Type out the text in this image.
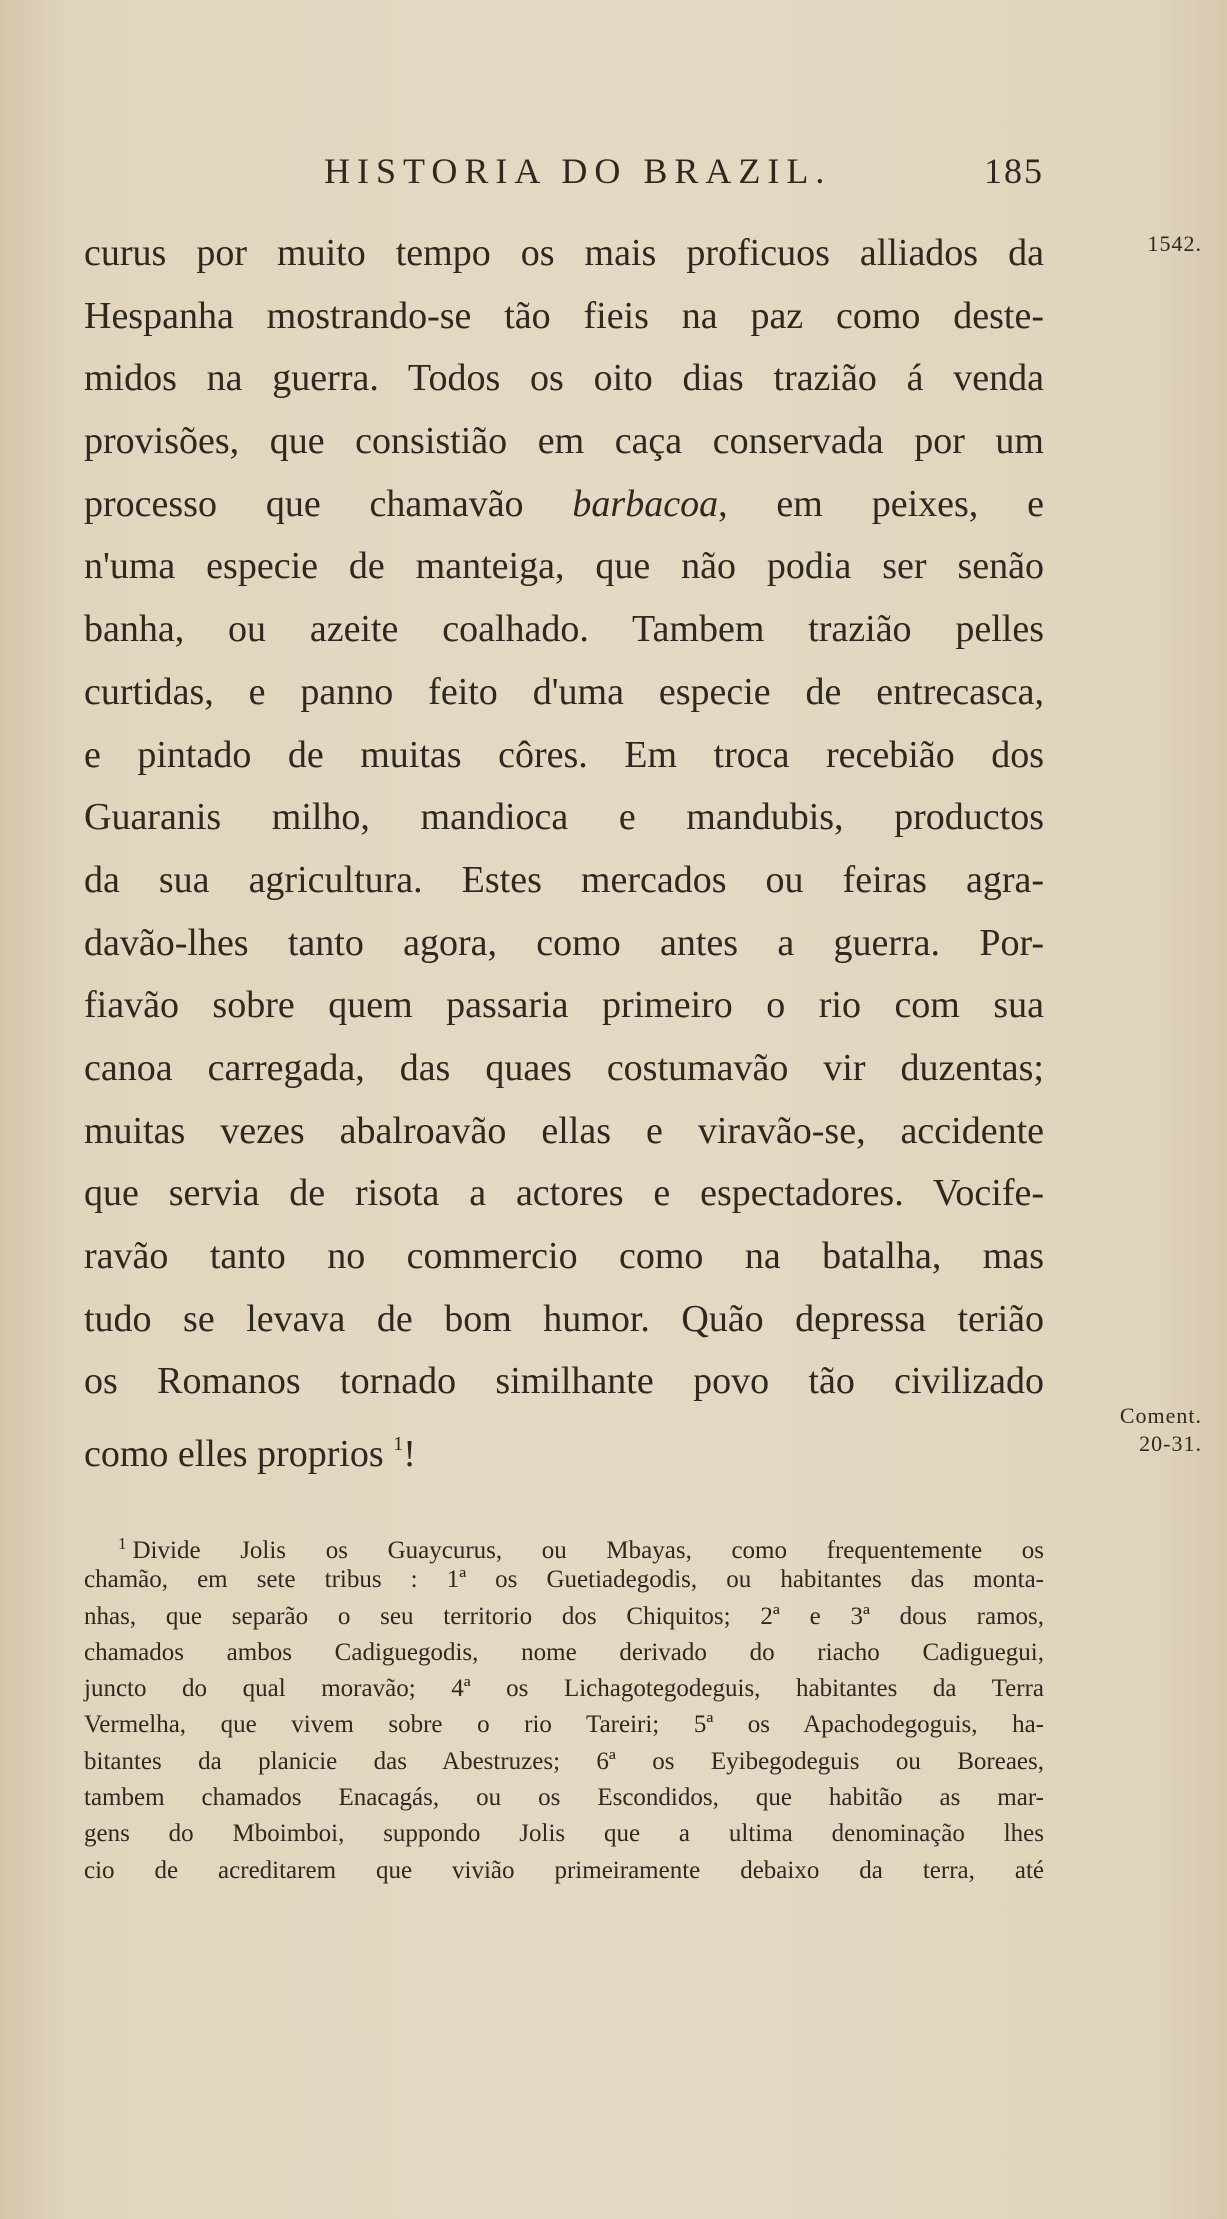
HISTORIA DO BRAZIL.	185
1542.
Coment.
20-31.
curus por muito tempo os mais proficuos alliados da
Hespanha mostrando-se tão fieis na paz como deste-
midos na guerra. Todos os oito dias trazião á venda
provisões, que consistião em caça conservada por um
processo que chamavão barbacoa, em peixes, e
n'uma especie de manteiga, que não podia ser senão
banha, ou azeite coalhado. Tambem trazião pelles
curtidas, e panno feito d'uma especie de entrecasca,
e pintado de muitas côres. Em troca recebião dos
Guaranis milho, mandioca e mandubis, productos
da sua agricultura. Estes mercados ou feiras agra-
davão-lhes tanto agora, como antes a guerra. Por-
fiavão sobre quem passaria primeiro o rio com sua
canoa carregada, das quaes costumavão vir duzentas;
muitas vezes abalroavão ellas e viravão-se, accidente
que servia de risota a actores e espectadores. Vocife-
ravão tanto no commercio como na batalha, mas
tudo se levava de bom humor. Quão depressa terião
os Romanos tornado similhante povo tão civilizado
como elles proprios $^1$!
$^1$ Divide Jolis os Guaycurus, ou Mbayas, como frequentemente os
chamão, em sete tribus : 1ª os Guetiadegodis, ou habitantes das monta-
nhas, que separão o seu territorio dos Chiquitos; 2ª e 3ª dous ramos,
chamados ambos Cadiguegodis, nome derivado do riacho Cadiguegui,
juncto do qual moravão; 4ª os Lichagotegodeguis, habitantes da Terra
Vermelha, que vivem sobre o rio Tareiri; 5ª os Apachodegoguis, ha-
bitantes da planicie das Abestruzes; 6ª os Eyibegodeguis ou Boreaes,
tambem chamados Enacagás, ou os Escondidos, que habitão as mar-
gens do Mboimboi, suppondo Jolis que a ultima denominação lhes
cio de acreditarem que vivião primeiramente debaixo da terra, até
